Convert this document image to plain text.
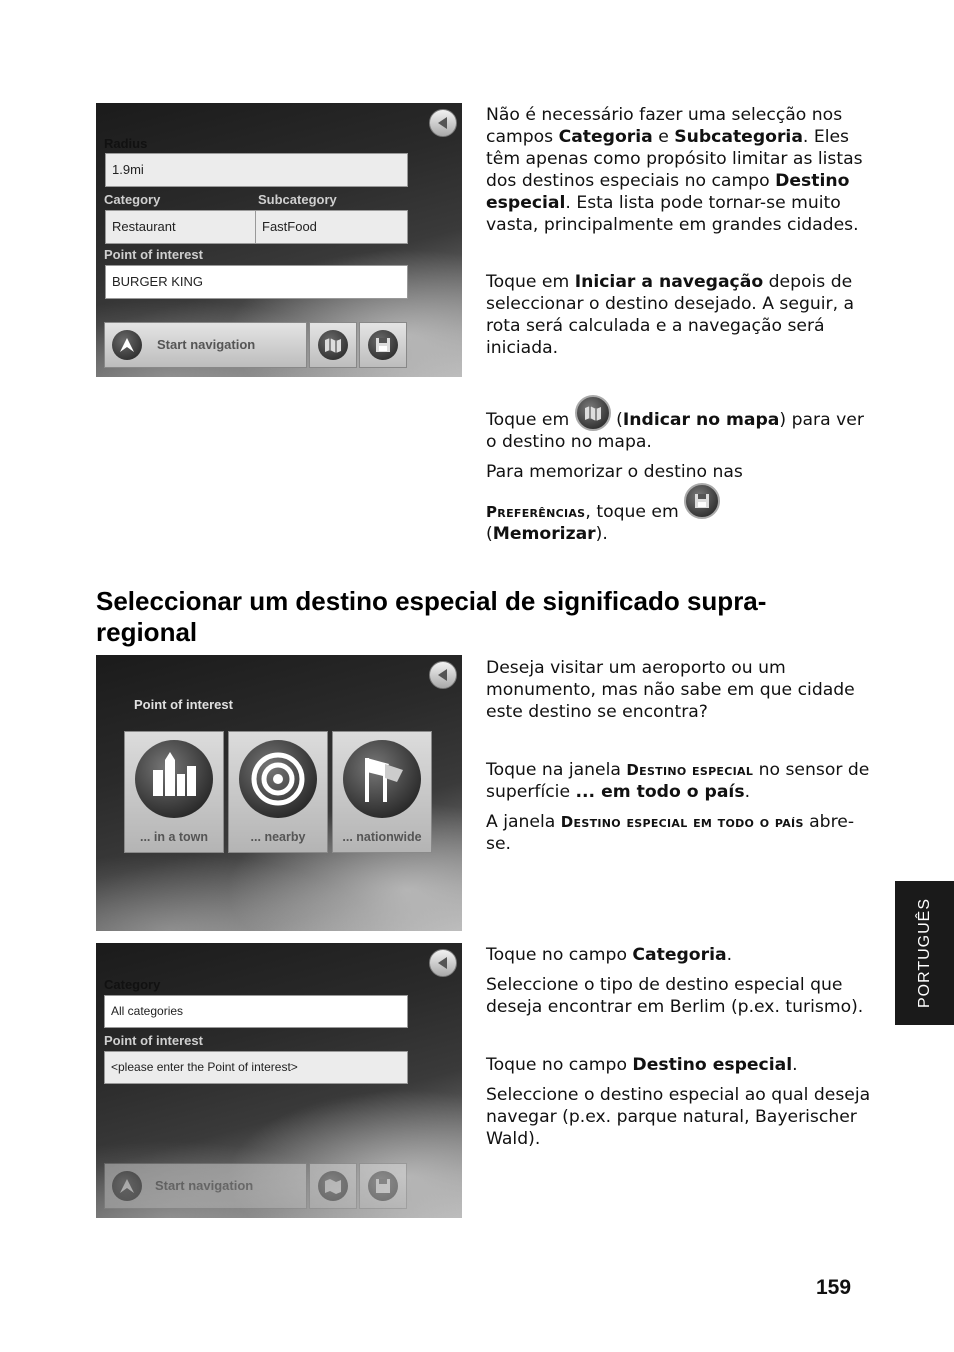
Radius
1.9mi
Category	Subcategory
Restaurant	FastFood
Point of interest
BURGER KING
Start navigation

Não é necessário fazer uma selecção nos campos Categoria e Subcategoria. Eles têm apenas como propósito limitar as listas dos destinos especiais no campo Destino especial. Esta lista pode tornar-se muito vasta, principalmente em grandes cidades.

Toque em Iniciar a navegação depois de seleccionar o destino desejado. A seguir, a rota será calculada e a navegação será iniciada.

Toque em
(Indicar no mapa) para ver o destino no mapa.

Para memorizar o destino nas
Preferências, toque em

(Memorizar).

Seleccionar um destino especial de significado supra-regional
Point of interest
... in a town	... nearby	... nationwide

Deseja visitar um aeroporto ou um monumento, mas não sabe em que cidade este destino se encontra?

Toque na janela Destino especial no sensor de superfície ... em todo o país.

A janela Destino especial em todo o país abre-se.

Category
All categories
Point of interest
<please enter the Point of interest>
Start navigation

Toque no campo Categoria.

Seleccione o tipo de destino especial que deseja encontrar em Berlim (p.ex. turismo).

Toque no campo Destino especial.

Seleccione o destino especial ao qual deseja navegar (p.ex. parque natural, Bayerischer Wald).

PORTUGUÊS
159
